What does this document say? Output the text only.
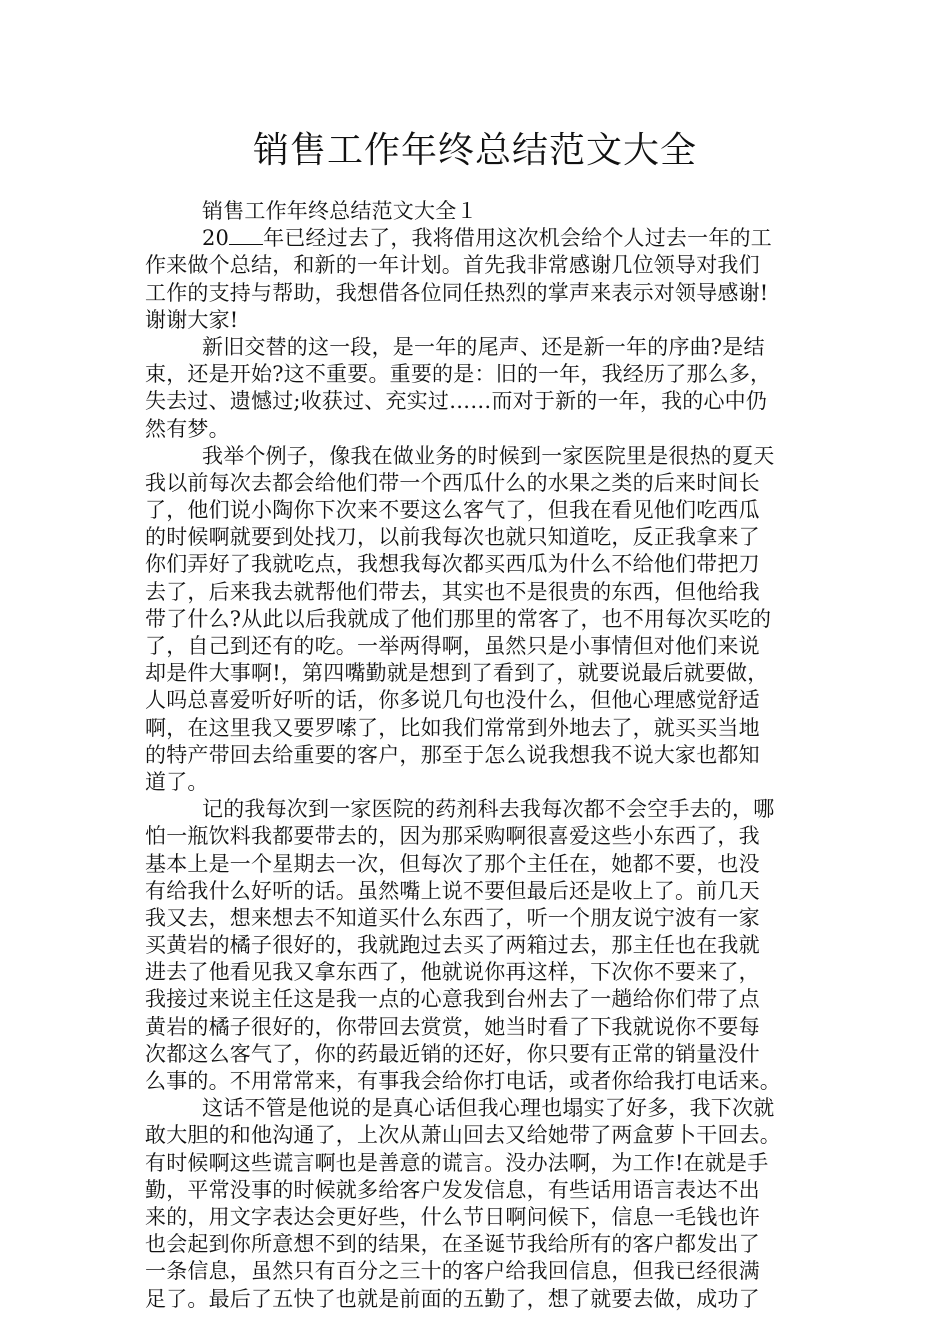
销售工作年终总结范文大全
销售工作年终总结范文大全１
20 年已经过去了，我将借用这次机会给个人过去一年的工
作来做个总结，和新的一年计划。首先我非常感谢几位领导对我们
工作的支持与帮助，我想借各位同任热烈的掌声来表示对领导感谢!
谢谢大家!
新旧交替的这一段，是一年的尾声、还是新一年的序曲?是结
束，还是开始?这不重要。重要的是：旧的一年，我经历了那么多，
失去过、遗憾过;收获过、充实过……而对于新的一年，我的心中仍
然有梦。
我举个例子，像我在做业务的时候到一家医院里是很热的夏天
我以前每次去都会给他们带一个西瓜什么的水果之类的后来时间长
了，他们说小陶你下次来不要这么客气了，但我在看见他们吃西瓜
的时候啊就要到处找刀，以前我每次也就只知道吃，反正我拿来了
你们弄好了我就吃点，我想我每次都买西瓜为什么不给他们带把刀
去了，后来我去就帮他们带去，其实也不是很贵的东西，但他给我
带了什么?从此以后我就成了他们那里的常客了，也不用每次买吃的
了，自己到还有的吃。一举两得啊，虽然只是小事情但对他们来说
却是件大事啊!，第四嘴勤就是想到了看到了，就要说最后就要做，
人吗总喜爱听好听的话，你多说几句也没什么，但他心理感觉舒适
啊，在这里我又要罗嗦了，比如我们常常到外地去了，就买买当地
的特产带回去给重要的客户，那至于怎么说我想我不说大家也都知
道了。
记的我每次到一家医院的药剂科去我每次都不会空手去的，哪
怕一瓶饮料我都要带去的，因为那采购啊很喜爱这些小东西了，我
基本上是一个星期去一次，但每次了那个主任在，她都不要，也没
有给我什么好听的话。虽然嘴上说不要但最后还是收上了。前几天
我又去，想来想去不知道买什么东西了，听一个朋友说宁波有一家
买黄岩的橘子很好的，我就跑过去买了两箱过去，那主任也在我就
进去了他看见我又拿东西了，他就说你再这样，下次你不要来了，
我接过来说主任这是我一点的心意我到台州去了一趟给你们带了点
黄岩的橘子很好的，你带回去赏赏，她当时看了下我就说你不要每
次都这么客气了，你的药最近销的还好，你只要有正常的销量没什
么事的。不用常常来，有事我会给你打电话，或者你给我打电话来。
这话不管是他说的是真心话但我心理也塌实了好多，我下次就
敢大胆的和他沟通了，上次从萧山回去又给她带了两盒萝卜干回去。
有时候啊这些谎言啊也是善意的谎言。没办法啊，为工作!在就是手
勤，平常没事的时候就多给客户发发信息，有些话用语言表达不出
来的，用文字表达会更好些，什么节日啊问候下，信息一毛钱也许
也会起到你所意想不到的结果，在圣诞节我给所有的客户都发出了
一条信息，虽然只有百分之三十的客户给我回信息，但我已经很满
足了。最后了五快了也就是前面的五勤了，想了就要去做，成功了
